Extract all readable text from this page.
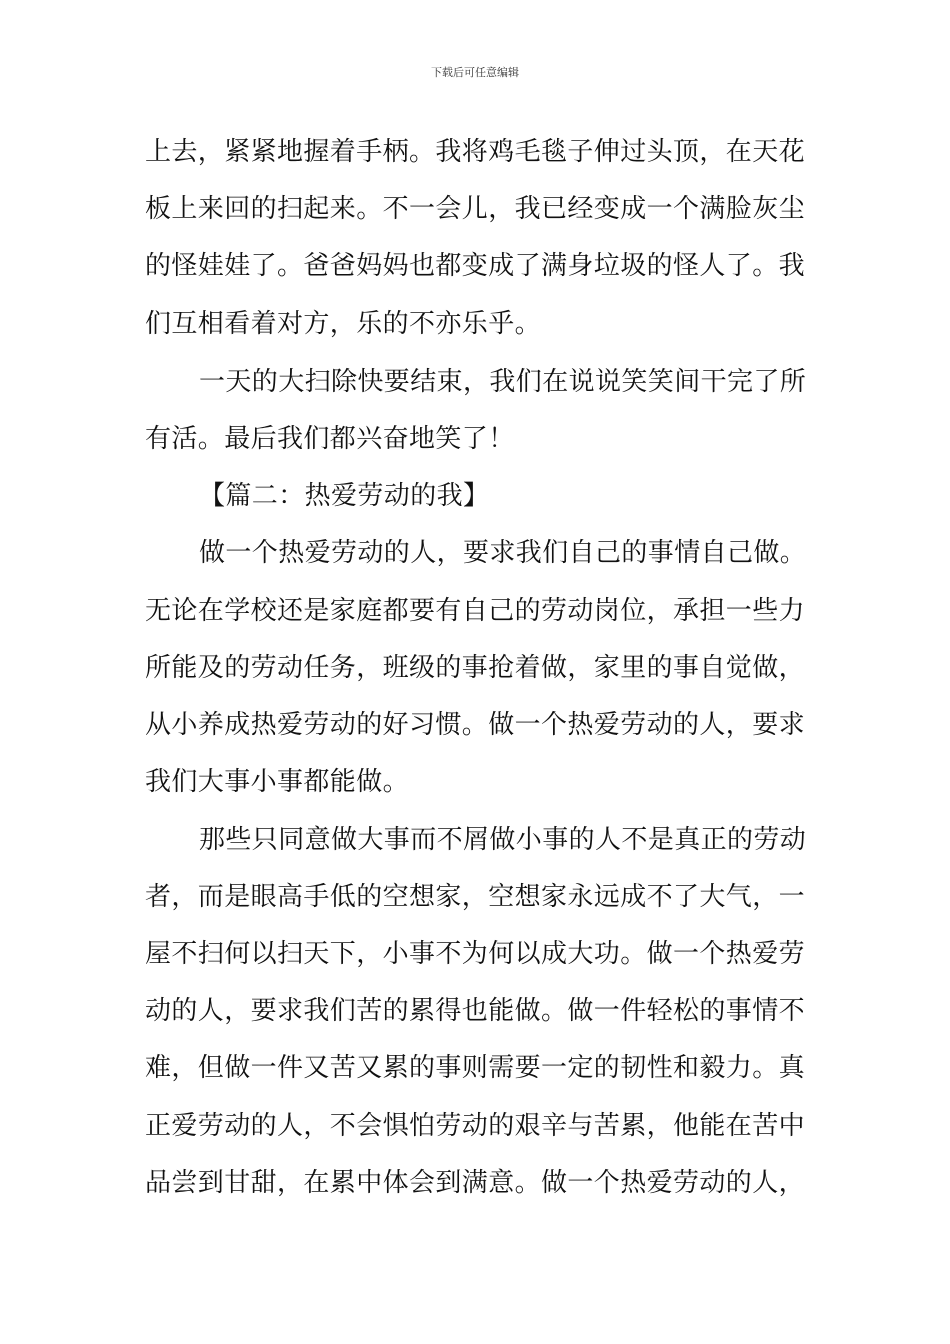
下载后可任意编辑
上去，紧紧地握着手柄。我将鸡毛毯子伸过头顶，在天花
板上来回的扫起来。不一会儿，我已经变成一个满脸灰尘
的怪娃娃了。爸爸妈妈也都变成了满身垃圾的怪人了。我
们互相看着对方，乐的不亦乐乎。
一天的大扫除快要结束，我们在说说笑笑间干完了所
有活。最后我们都兴奋地笑了！
【篇二：热爱劳动的我】
做一个热爱劳动的人，要求我们自己的事情自己做。
无论在学校还是家庭都要有自己的劳动岗位，承担一些力
所能及的劳动任务，班级的事抢着做，家里的事自觉做，
从小养成热爱劳动的好习惯。做一个热爱劳动的人，要求
我们大事小事都能做。
那些只同意做大事而不屑做小事的人不是真正的劳动
者，而是眼高手低的空想家，空想家永远成不了大气，一
屋不扫何以扫天下，小事不为何以成大功。做一个热爱劳
动的人，要求我们苦的累得也能做。做一件轻松的事情不
难，但做一件又苦又累的事则需要一定的韧性和毅力。真
正爱劳动的人，不会惧怕劳动的艰辛与苦累，他能在苦中
品尝到甘甜，在累中体会到满意。做一个热爱劳动的人，
